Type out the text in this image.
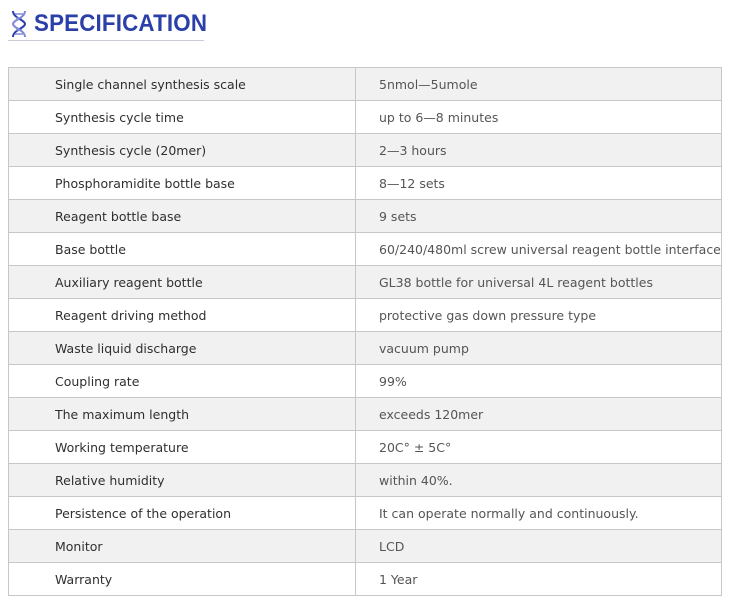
SPECIFICATION
Single channel synthesis scale	5nmol—5umole
Synthesis cycle time	up to 6—8 minutes
Synthesis cycle (20mer)	2—3 hours
Phosphoramidite bottle base	8—12 sets
Reagent bottle base	9 sets
Base bottle	60/240/480ml screw universal reagent bottle interface
Auxiliary reagent bottle	GL38 bottle for universal 4L reagent bottles
Reagent driving method	protective gas down pressure type
Waste liquid discharge	vacuum pump
Coupling rate	99%
The maximum length	exceeds 120mer
Working temperature	20C° ± 5C°
Relative humidity	within 40%.
Persistence of the operation	It can operate normally and continuously.
Monitor	LCD
Warranty	1 Year
